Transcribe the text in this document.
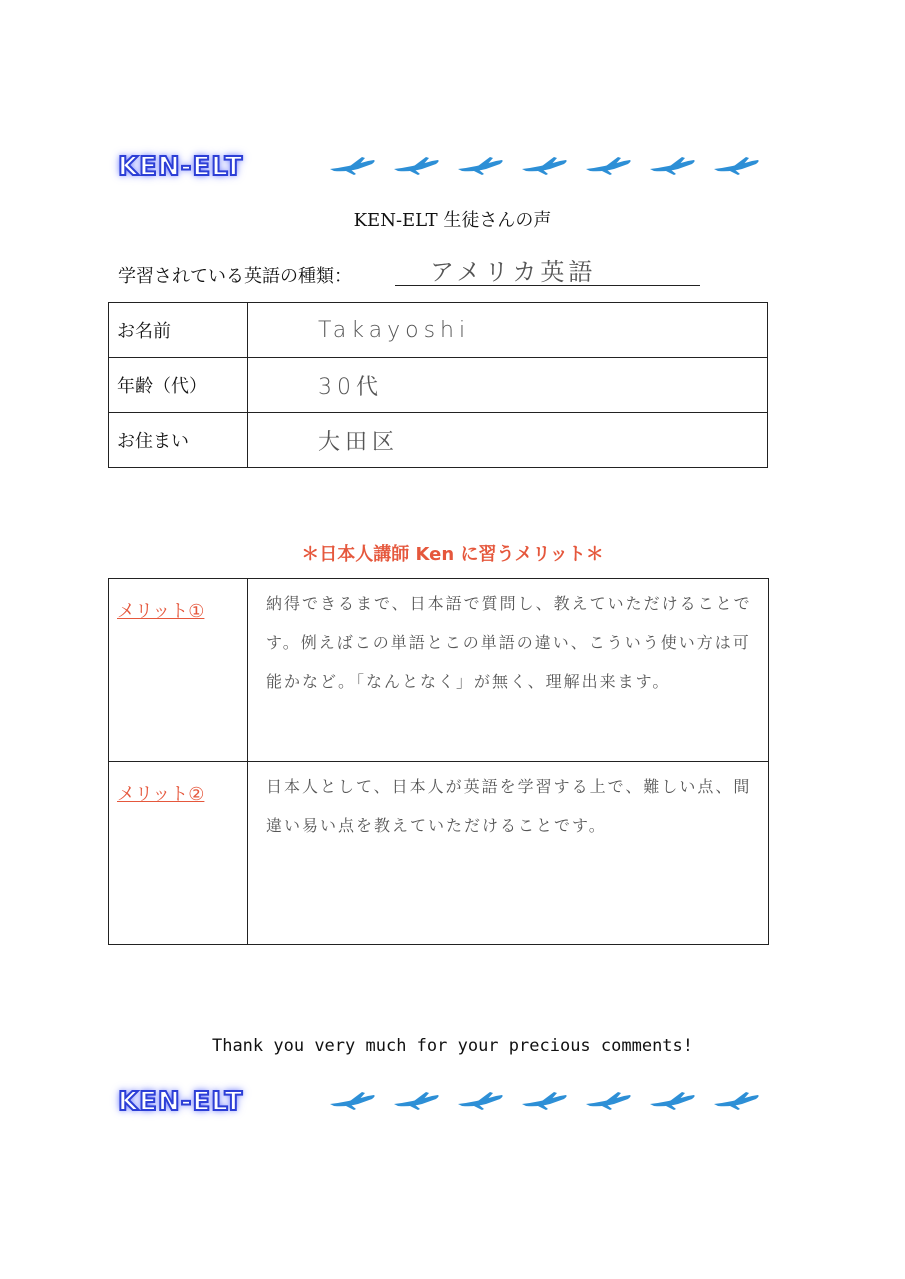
KEN-ELT
KEN-ELT 生徒さんの声
学習されている英語の種類：	アメリカ英語
お名前	Takayoshi
年齢（代）	30代
お住まい	大田区
＊日本人講師 Ken に習うメリット＊
メリット①	納得できるまで、日本語で質問し、教えていただけることです。例えばこの単語とこの単語の違い、こういう使い方は可能かなど。「なんとなく」が無く、理解出来ます。

メリット②	日本人として、日本人が英語を学習する上で、難しい点、間違い易い点を教えていただけることです。
Thank you very much for your precious comments!
KEN-ELT
